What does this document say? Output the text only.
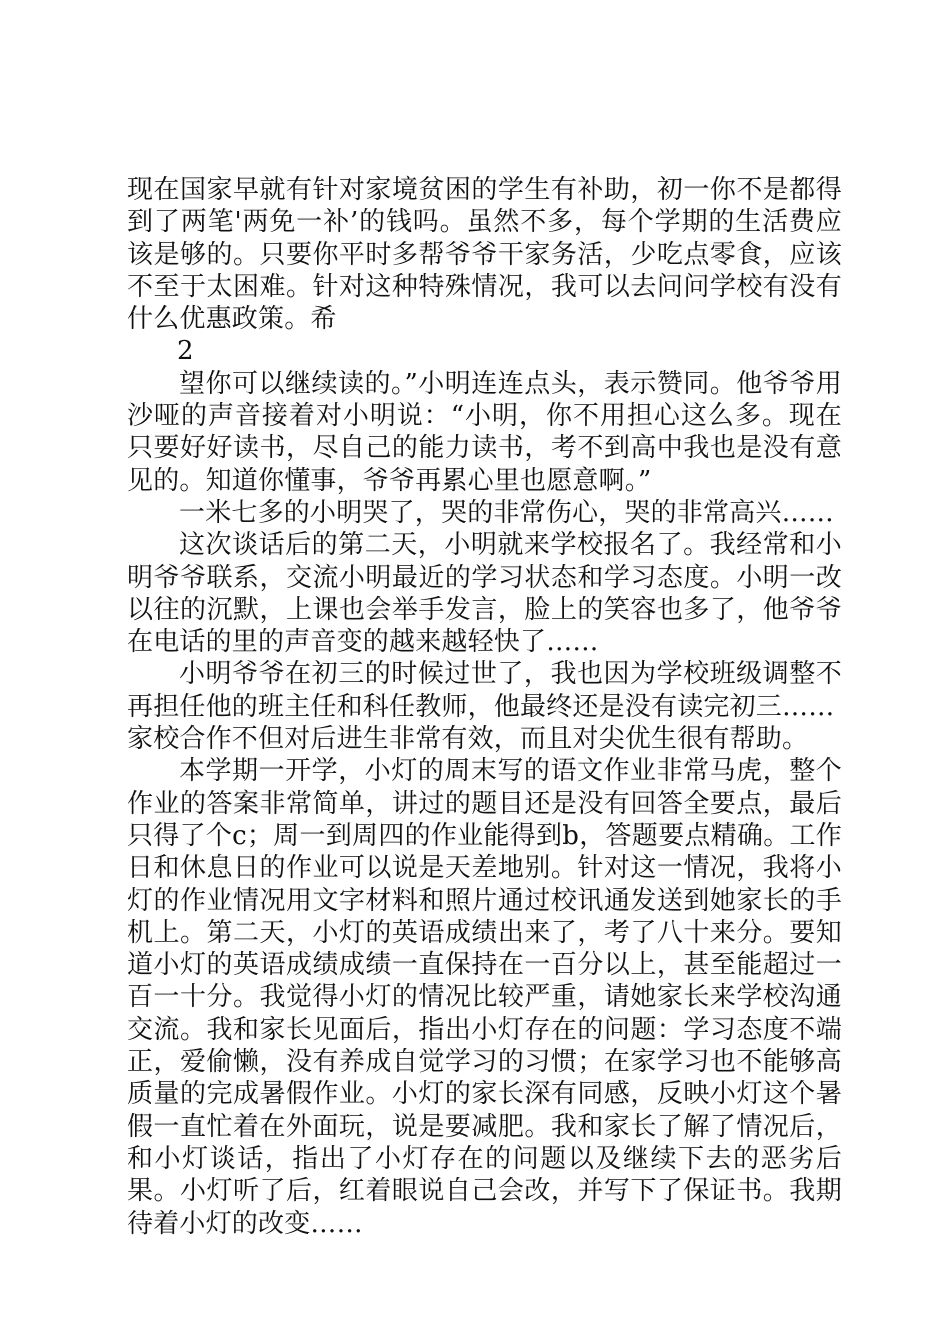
现在国家早就有针对家境贫困的学生有补助，初一你不是都得到了两笔'两免一补’的钱吗。虽然不多，每个学期的生活费应该是够的。只要你平时多帮爷爷干家务活，少吃点零食，应该不至于太困难。针对这种特殊情况，我可以去问问学校有没有什么优惠政策。希

2

望你可以继续读的。”小明连连点头，表示赞同。他爷爷用沙哑的声音接着对小明说：“小明，你不用担心这么多。现在只要好好读书，尽自己的能力读书，考不到高中我也是没有意见的。知道你懂事，爷爷再累心里也愿意啊。”

一米七多的小明哭了，哭的非常伤心，哭的非常高兴……

这次谈话后的第二天，小明就来学校报名了。我经常和小明爷爷联系，交流小明最近的学习状态和学习态度。小明一改以往的沉默，上课也会举手发言，脸上的笑容也多了，他爷爷在电话的里的声音变的越来越轻快了……

小明爷爷在初三的时候过世了，我也因为学校班级调整不再担任他的班主任和科任教师，他最终还是没有读完初三……

家校合作不但对后进生非常有效，而且对尖优生很有帮助。

本学期一开学，小灯的周末写的语文作业非常马虎，整个作业的答案非常简单，讲过的题目还是没有回答全要点，最后只得了个c；周一到周四的作业能得到b，答题要点精确。工作日和休息日的作业可以说是天差地别。针对这一情况，我将小灯的作业情况用文字材料和照片通过校讯通发送到她家长的手机上。第二天，小灯的英语成绩出来了，考了八十来分。要知道小灯的英语成绩成绩一直保持在一百分以上，甚至能超过一百一十分。我觉得小灯的情况比较严重，请她家长来学校沟通交流。我和家长见面后，指出小灯存在的问题：学习态度不端正，爱偷懒，没有养成自觉学习的习惯；在家学习也不能够高质量的完成暑假作业。小灯的家长深有同感，反映小灯这个暑假一直忙着在外面玩，说是要减肥。我和家长了解了情况后，和小灯谈话，指出了小灯存在的问题以及继续下去的恶劣后果。小灯听了后，红着眼说自己会改，并写下了保证书。我期待着小灯的改变……
